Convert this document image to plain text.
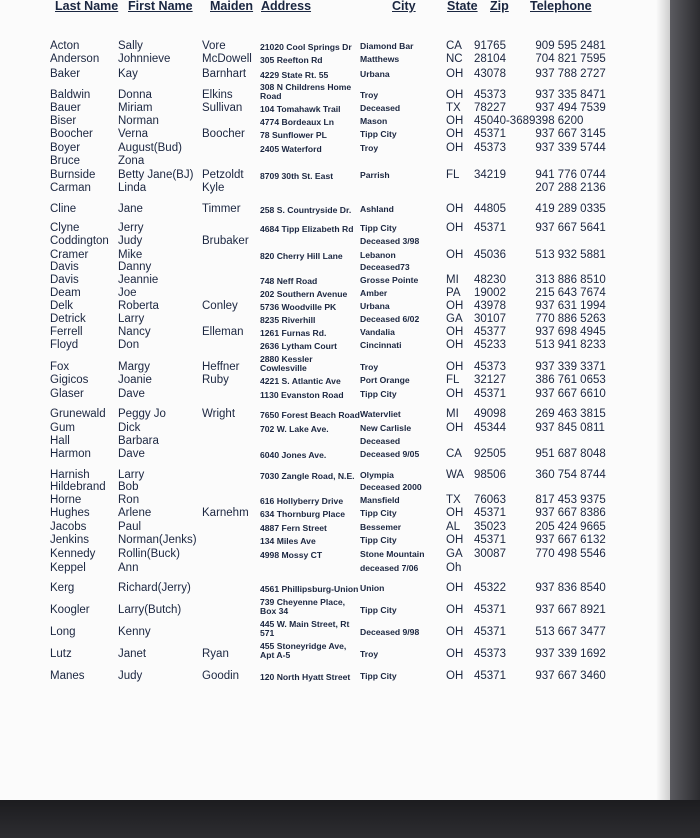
Last Name First Name Maiden Address	City	State Zip Telephone
Acton	Sally	Vore	21020 Cool Springs Dr	Diamond Bar	CA	91765	909 595 2481
Anderson	Johnnieve	McDowell	305 Reefton Rd	Matthews	NC	28104	704 821 7595
Baker	Kay	Barnhart	4229 State Rt. 55	Urbana	OH	43078	937 788 2727
Baldwin	Donna	Elkins	308 N Childrens Home Road	Troy	OH	45373	937 335 8471
Bauer	Miriam	Sullivan	104 Tomahawk Trail	Deceased	TX	78227	937 494 7539
Biser	Norman		4774 Bordeaux Ln	Mason	OH	45040-3689	398 6200
Boocher	Verna	Boocher	78 Sunflower PL	Tipp City	OH	45371	937 667 3145
Boyer	August(Bud)		2405 Waterford	Troy	OH	45373	937 339 5744
Bruce	Zona						
Burnside	Betty Jane(BJ)	Petzoldt	8709 30th St. East	Parrish	FL	34219	941 776 0744
Carman	Linda	Kyle					207 288 2136
Cline	Jane	Timmer	258 S. Countryside Dr.	Ashland	OH	44805	419 289 0335
Clyne	Jerry		4684 Tipp Elizabeth Rd	Tipp City	OH	45371	937 667 5641
Coddington	Judy	Brubaker		Deceased 3/98			
Cramer	Mike		820 Cherry Hill Lane	Lebanon	OH	45036	513 932 5881
Davis	Danny			Deceased73			
Davis	Jeannie		748 Neff Road	Grosse Pointe	MI	48230	313 886 8510
Deam	Joe		202 Southern Avenue	Amber	PA	19002	215 643 7674
Delk	Roberta	Conley	5736 Woodville PK	Urbana	OH	43978	937 631 1994
Detrick	Larry		8235 Riverhill	Deceased 6/02	GA	30107	770 886 5263
Ferrell	Nancy	Elleman	1261 Furnas Rd.	Vandalia	OH	45377	937 698 4945
Floyd	Don		2636 Lytham Court	Cincinnati	OH	45233	513 941 8233
Fox	Margy	Heffner	2880 Kessler Cowlesville	Troy	OH	45373	937 339 3371
Gigicos	Joanie	Ruby	4221 S. Atlantic Ave	Port Orange	FL	32127	386 761 0653
Glaser	Dave		1130 Evanston Road	Tipp City	OH	45371	937 667 6610
Grunewald	Peggy Jo	Wright	7650 Forest Beach Road	Watervliet	MI	49098	269 463 3815
Gum	Dick		702 W. Lake Ave.	New Carlisle	OH	45344	937 845 0811
Hall	Barbara			Deceased			
Harmon	Dave		6040 Jones Ave.	Deceased 9/05	CA	92505	951 687 8048
Harnish	Larry		7030 Zangle Road, N.E.	Olympia	WA	98506	360 754 8744
Hildebrand	Bob			Deceased 2000			
Horne	Ron		616 Hollyberry Drive	Mansfield	TX	76063	817 453 9375
Hughes	Arlene	Karnehm	634 Thornburg Place	Tipp City	OH	45371	937 667 8386
Jacobs	Paul		4887 Fern Street	Bessemer	AL	35023	205 424 9665
Jenkins	Norman(Jenks)		134 Miles Ave	Tipp City	OH	45371	937 667 6132
Kennedy	Rollin(Buck)		4998 Mossy CT	Stone Mountain	GA	30087	770 498 5546
Keppel	Ann			deceased 7/06	Oh		
Kerg	Richard(Jerry)		4561 Phillipsburg-Union	Union	OH	45322	937 836 8540
Koogler	Larry(Butch)		739 Cheyenne Place, Box 34	Tipp City	OH	45371	937 667 8921
Long	Kenny		445 W. Main Street, Rt 571	Deceased 9/98	OH	45371	513 667 3477
Lutz	Janet	Ryan	455 Stoneyridge Ave, Apt A-5	Troy	OH	45373	937 339 1692
Manes	Judy	Goodin	120 North Hyatt Street	Tipp City	OH	45371	937 667 3460
